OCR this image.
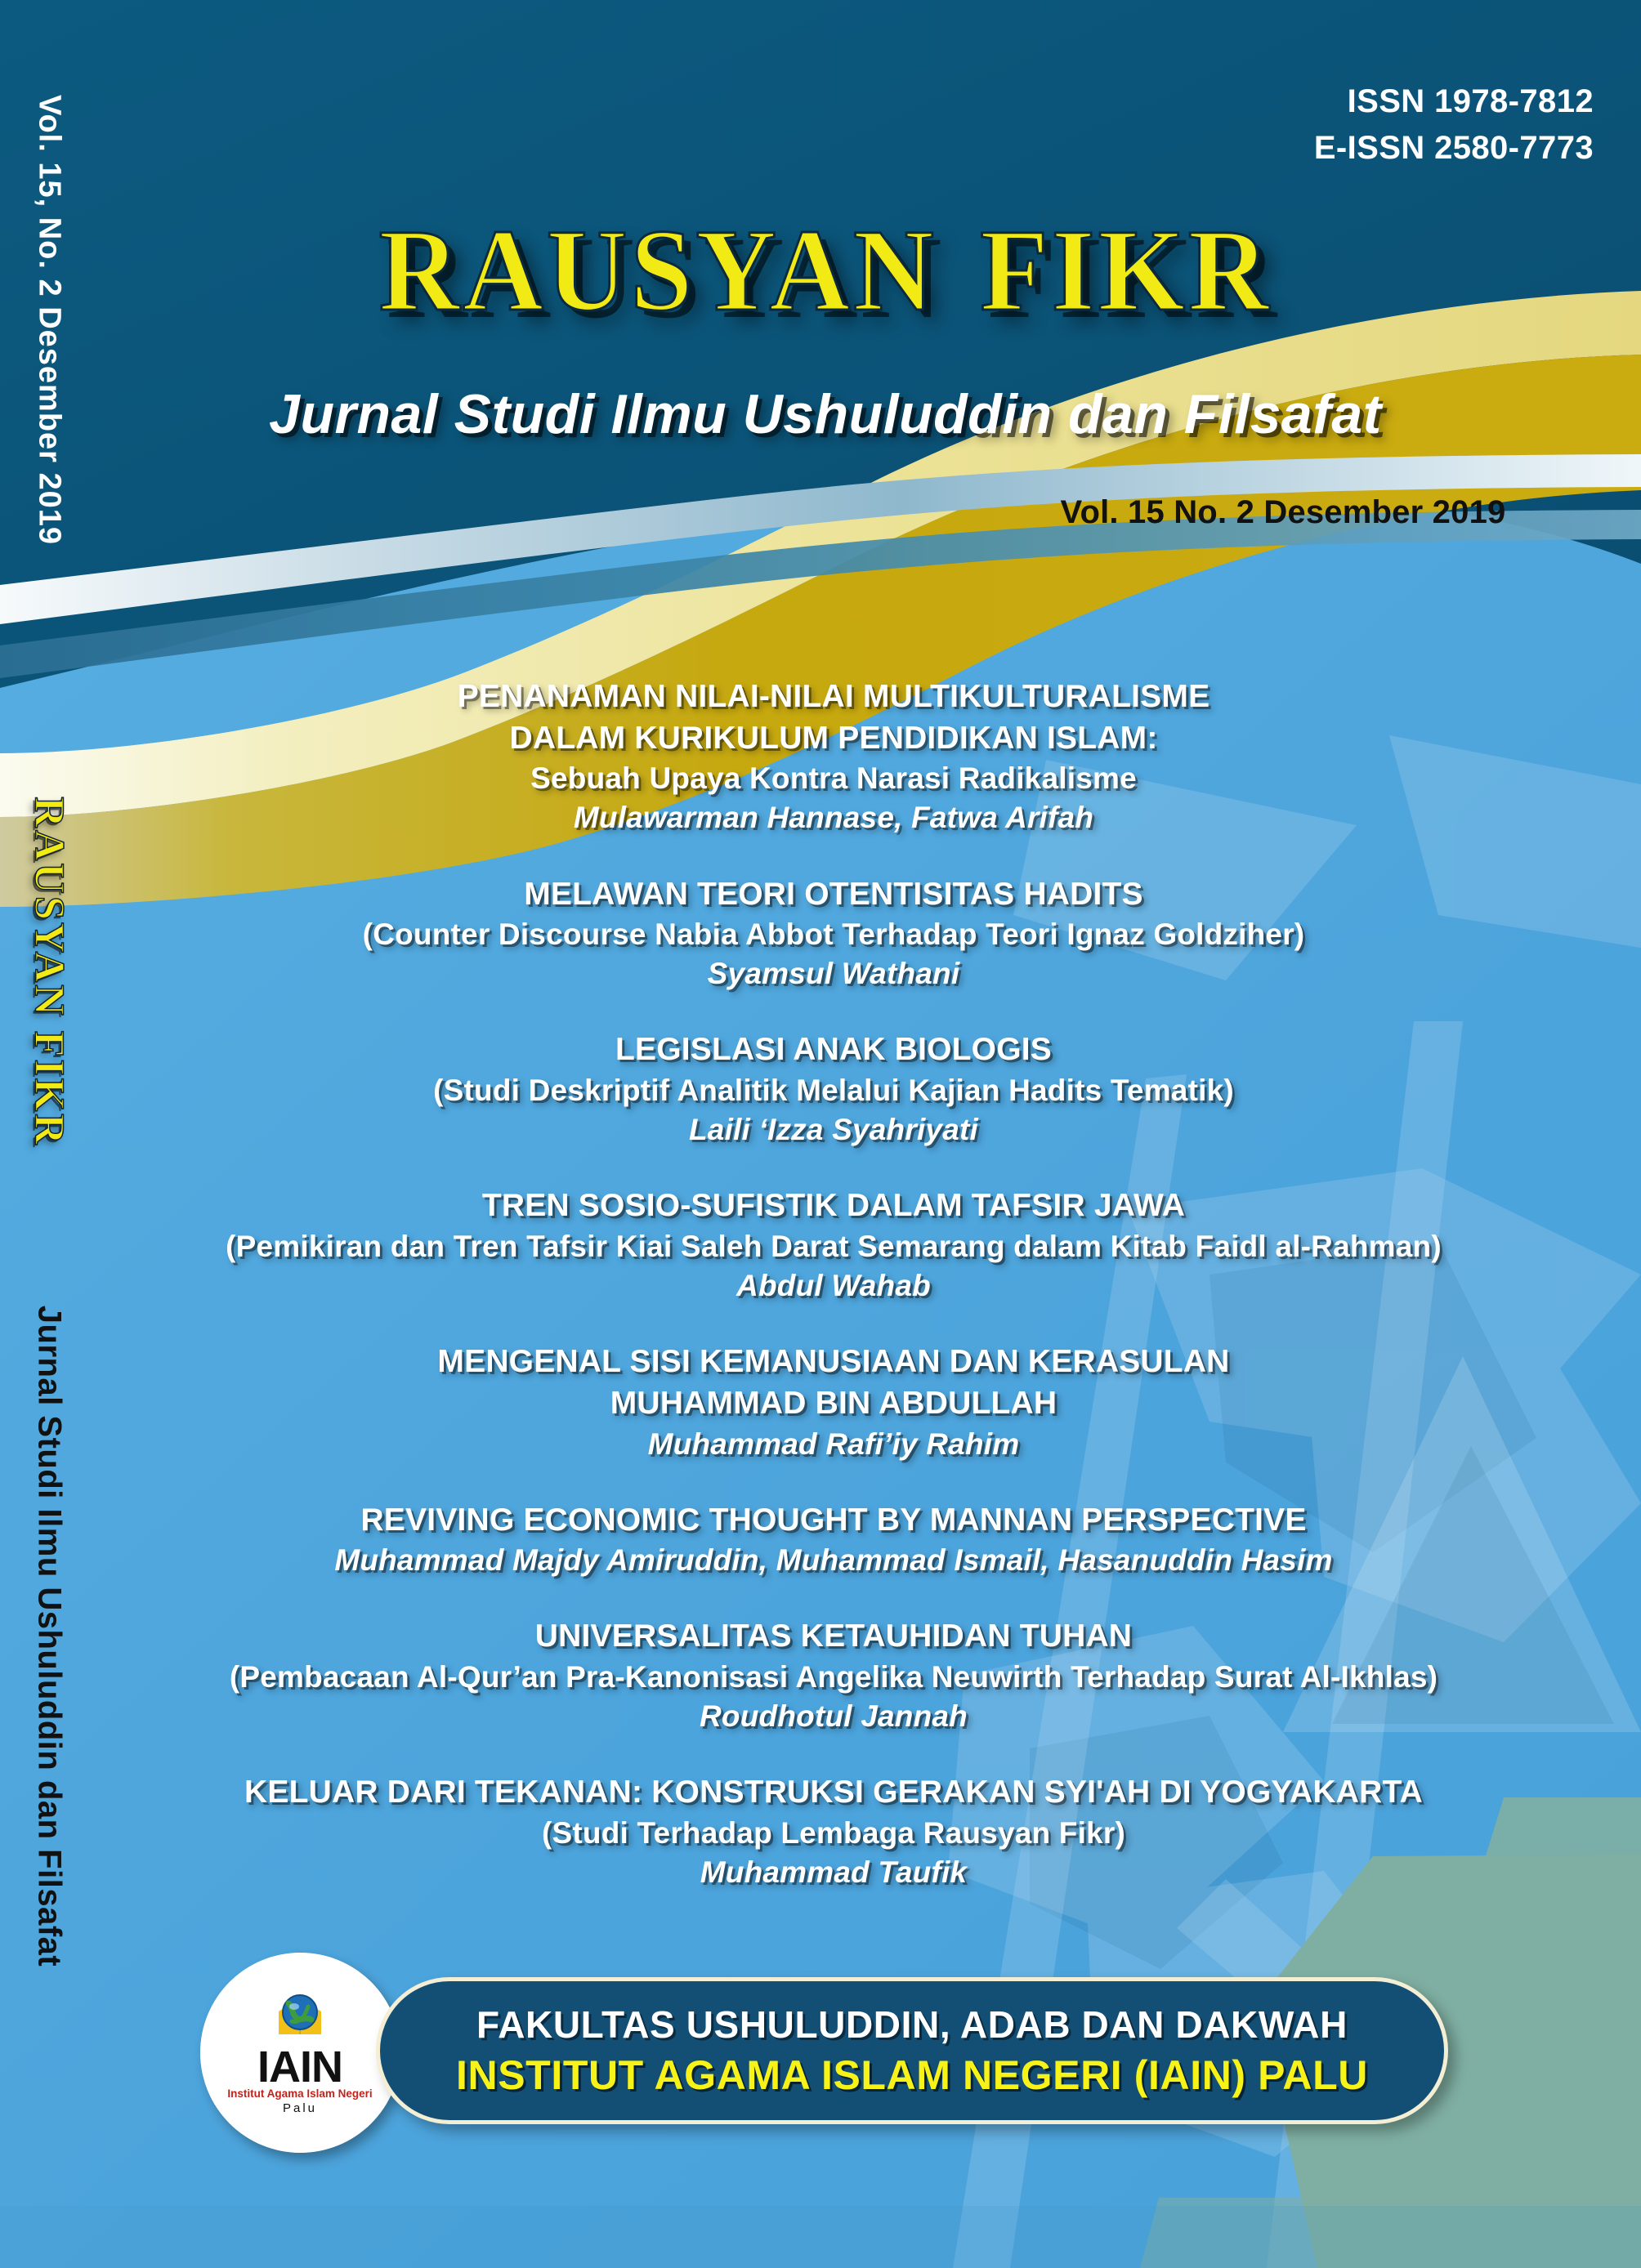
Vol. 15, No. 2 Desember 2019
RAUSYAN FIKR
Jurnal Studi Ilmu Ushuluddin dan Filsafat
ISSN 1978-7812
E-ISSN 2580-7773
rausyan fikr
Jurnal Studi Ilmu Ushuluddin dan Filsafat
Vol. 15 No. 2 Desember 2019
PENANAMAN NILAI-NILAI MULTIKULTURALISME
DALAM KURIKULUM PENDIDIKAN ISLAM:
Sebuah Upaya Kontra Narasi Radikalisme
Mulawarman Hannase, Fatwa Arifah
MELAWAN TEORI OTENTISITAS HADITS
(Counter Discourse Nabia Abbot Terhadap Teori Ignaz Goldziher)
Syamsul Wathani
LEGISLASI ANAK BIOLOGIS
(Studi Deskriptif Analitik Melalui Kajian Hadits Tematik)
Laili ‘Izza Syahriyati
TREN SOSIO-SUFISTIK DALAM TAFSIR JAWA
(Pemikiran dan Tren Tafsir Kiai Saleh Darat Semarang dalam Kitab Faidl al-Rahman)
Abdul Wahab
MENGENAL SISI KEMANUSIAAN DAN KERASULAN
MUHAMMAD BIN ABDULLAH
Muhammad Rafi’iy Rahim
REVIVING ECONOMIC THOUGHT BY MANNAN PERSPECTIVE
Muhammad Majdy Amiruddin, Muhammad Ismail, Hasanuddin Hasim
UNIVERSALITAS KETAUHIDAN TUHAN
(Pembacaan Al-Qur’an Pra-Kanonisasi Angelika Neuwirth Terhadap Surat Al-Ikhlas)
Roudhotul Jannah
KELUAR DARI TEKANAN: KONSTRUKSI GERAKAN SYI'AH DI YOGYAKARTA
(Studi Terhadap Lembaga Rausyan Fikr)
Muhammad Taufik
IAIN
Institut Agama Islam Negeri
Palu
FAKULTAS USHULUDDIN, ADAB DAN DAKWAH
INSTITUT AGAMA ISLAM NEGERI (IAIN) PALU
